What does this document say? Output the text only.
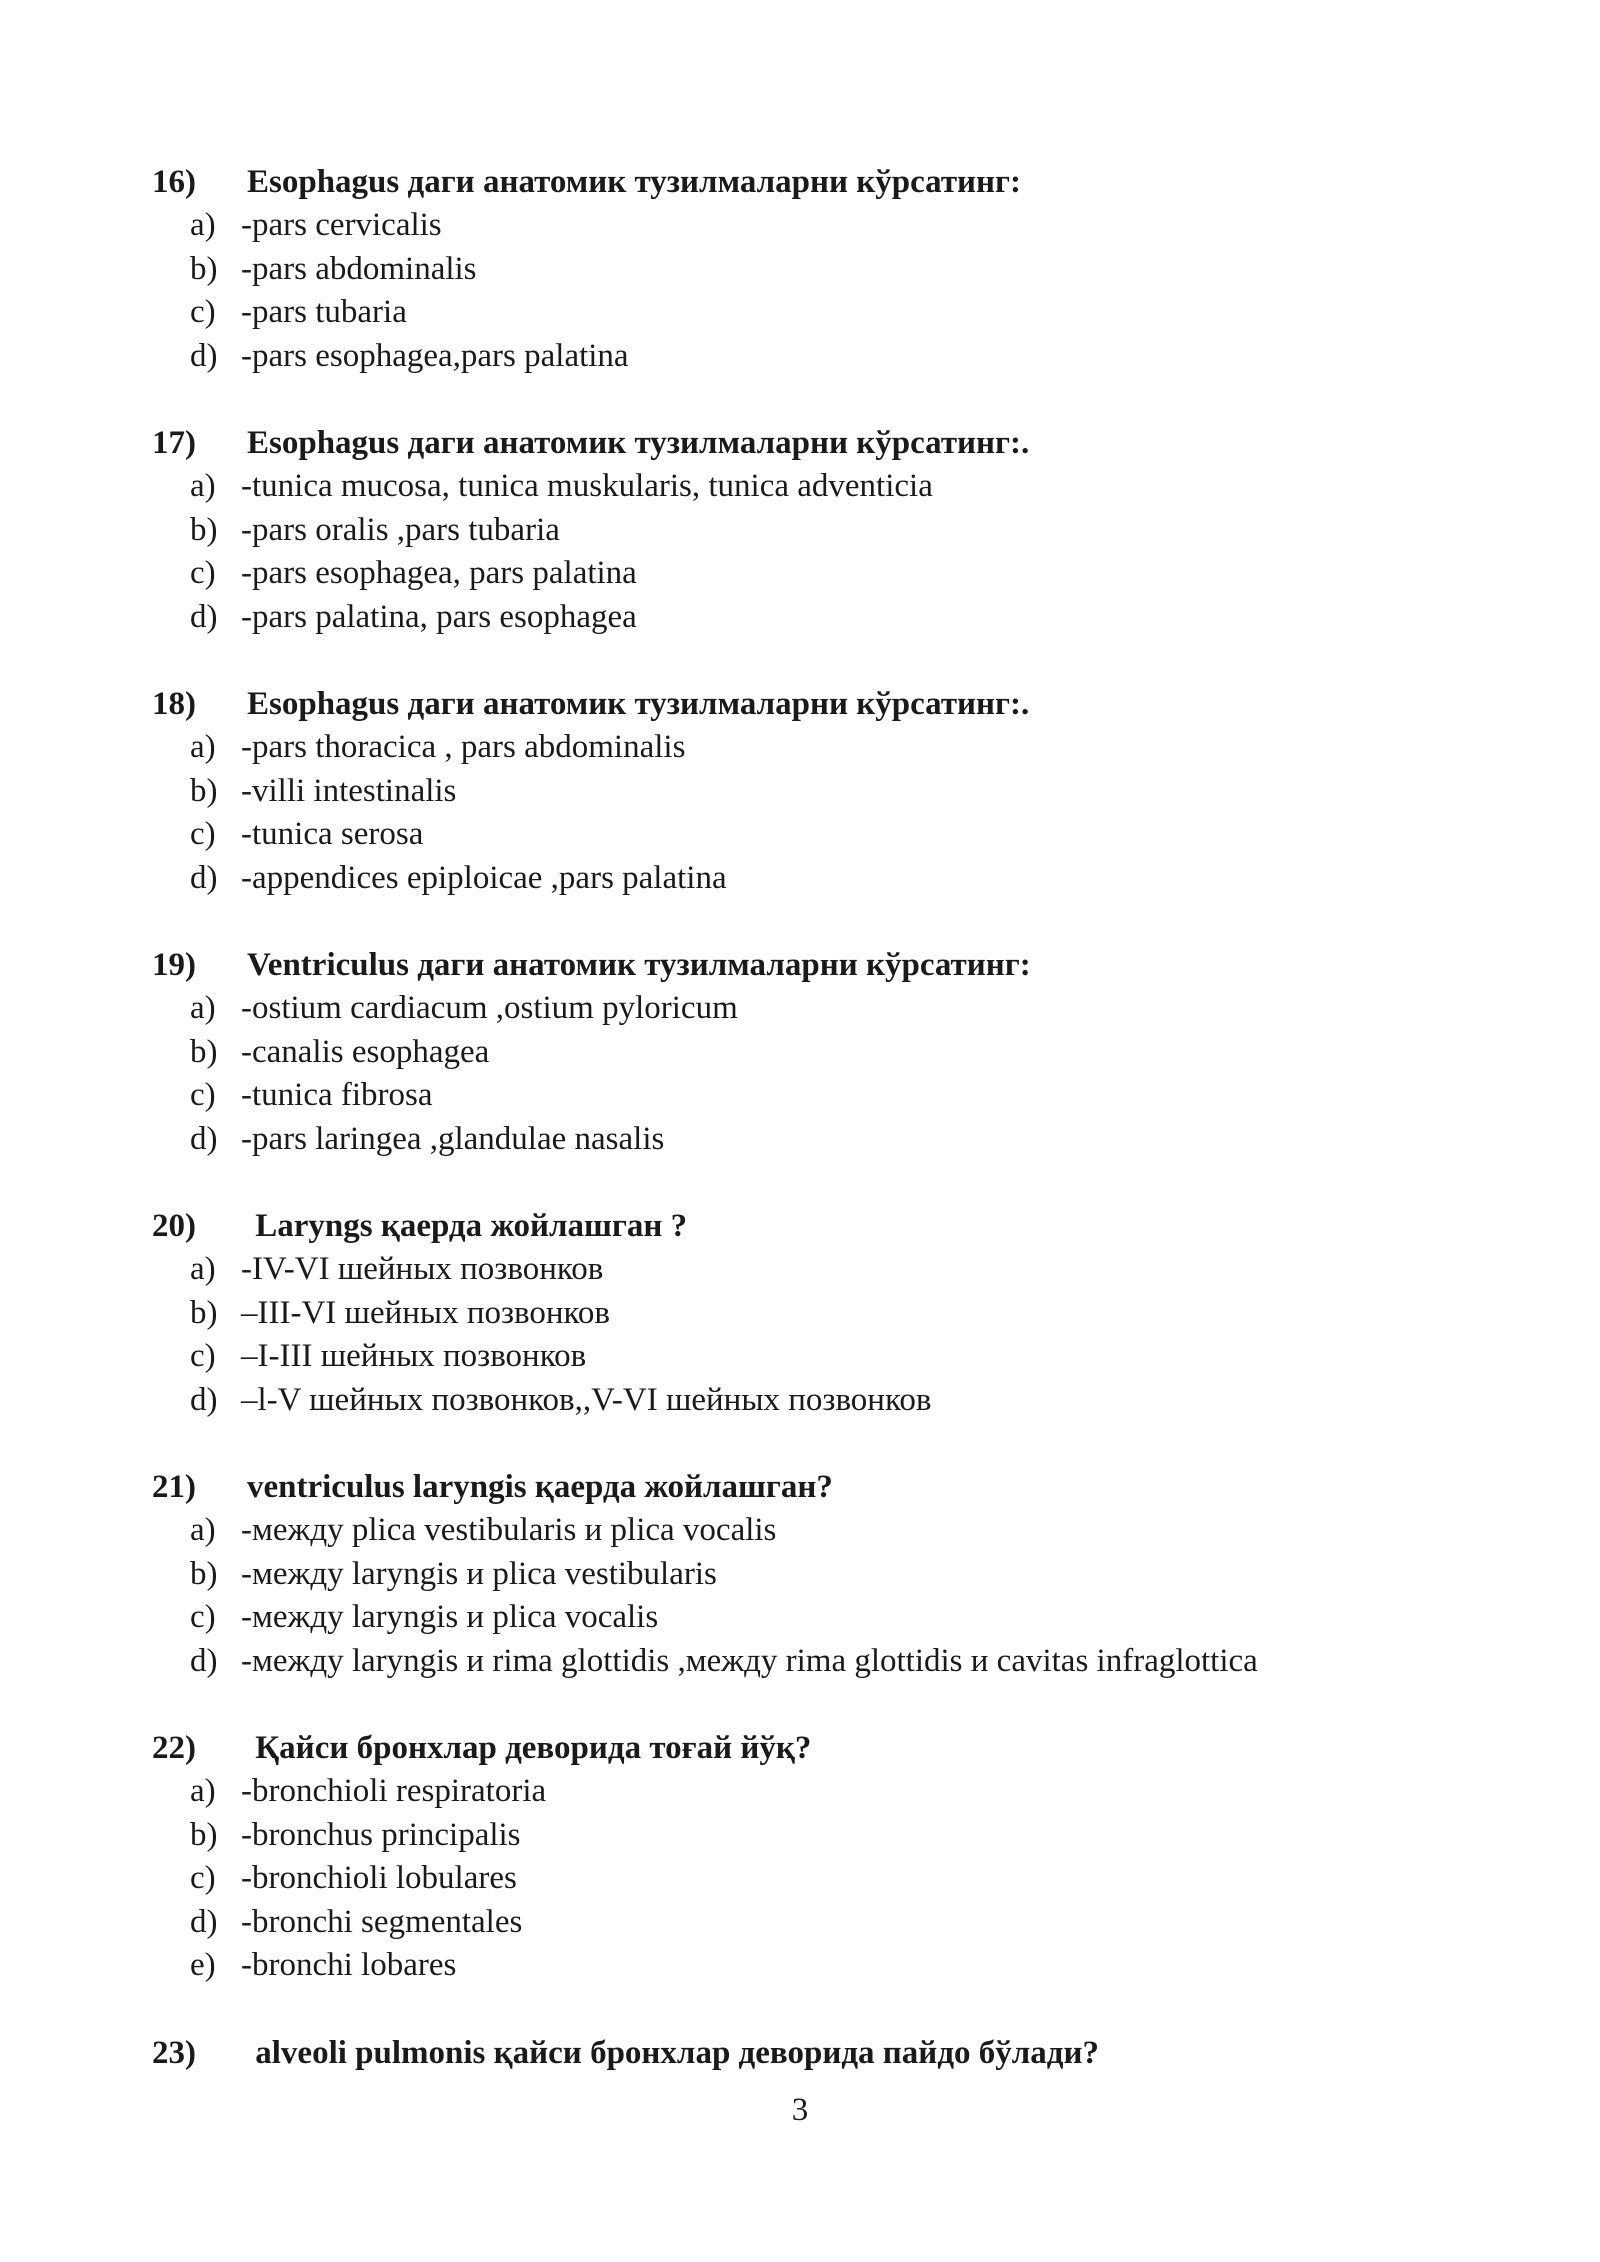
16) Esophagus даги анатомик тузилмаларни кўрсатинг:
a) -pars cervicalis
b) -pars abdominalis
c) -pars tubaria
d) -pars esophagea,pars palatina
17) Esophagus даги анатомик тузилмаларни кўрсатинг:.
a) -tunica mucosa, tunica muskularis, tunica adventicia
b) -pars oralis ,pars tubaria
c) -pars esophagea, pars palatina
d) -pars palatina, pars esophagea
18) Esophagus даги анатомик тузилмаларни кўрсатинг:.
a) -pars thoracica , pars abdominalis
b) -villi intestinalis
c) -tunica serosa
d) -appendices epiploicae ,pars palatina
19) Ventriculus даги анатомик тузилмаларни кўрсатинг:
a) -ostium cardiacum ,ostium pyloricum
b) -canalis esophagea
c) -tunica fibrosa
d) -pars laringea ,glandulae nasalis
20) Laryngs қаерда жойлашган ?
a) -IV-VI шейных позвонков
b) –III-VI шейных позвонков
c) –I-III шейных позвонков
d) –l-V шейных позвонков,,V-VI шейных позвонков
21) ventriculus laryngis қаерда жойлашган?
a) -между plica vestibularis и plica vocalis
b) -между laryngis и plica vestibularis
c) -между laryngis и plica vocalis
d) -между laryngis и rima glottidis ,между rima glottidis и cavitas infraglottica
22) Қайси бронхлар деворида тоғай йўқ?
a) -bronchioli respiratoria
b) -bronchus principalis
c) -bronchioli lobulares
d) -bronchi segmentales
e) -bronchi lobares
23) alveoli pulmonis қайси бронхлар деворида пайдо бўлади?
3
